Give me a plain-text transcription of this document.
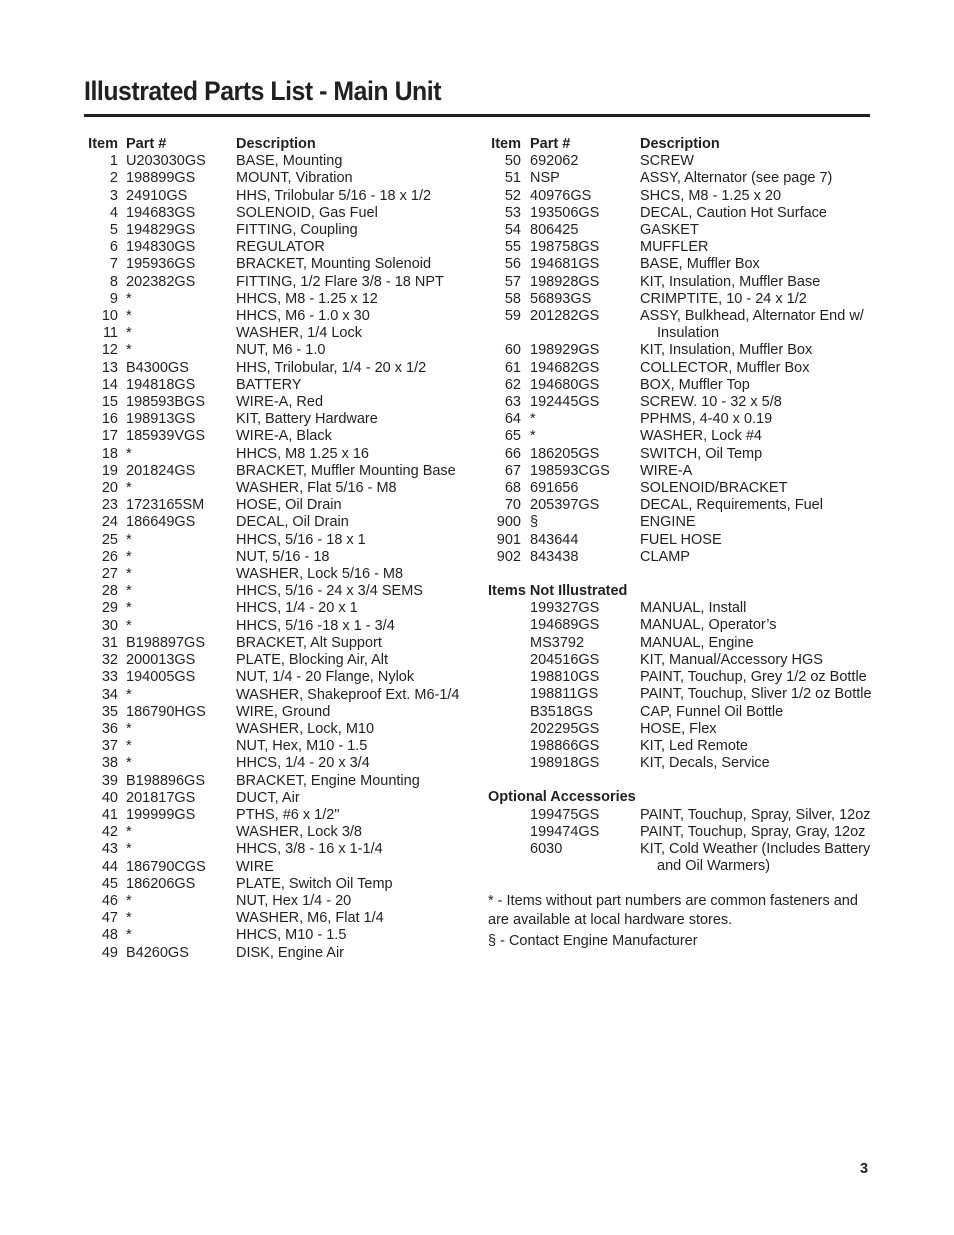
Illustrated Parts List - Main Unit
Item Part #	Description
1 U203030GS	BASE, Mounting
2 198899GS	MOUNT, Vibration
3 24910GS	HHS, Trilobular 5/16 - 18 x 1/2
4 194683GS	SOLENOID, Gas Fuel
5 194829GS	FITTING, Coupling
6 194830GS	REGULATOR
7 195936GS	BRACKET, Mounting Solenoid
8 202382GS	FITTING, 1/2 Flare 3/8 - 18 NPT
9 *	HHCS, M8 - 1.25 x 12
10 *	HHCS, M6 - 1.0 x 30
11 *	WASHER, 1/4 Lock
12 *	NUT, M6 - 1.0
13 B4300GS	HHS, Trilobular, 1/4 - 20 x 1/2
14 194818GS	BATTERY
15 198593BGS	WIRE-A, Red
16 198913GS	KIT, Battery Hardware
17 185939VGS	WIRE-A, Black
18 *	HHCS, M8 1.25 x 16
19 201824GS	BRACKET, Muffler Mounting Base
20 *	WASHER, Flat 5/16 - M8
23 1723165SM	HOSE, Oil Drain
24 186649GS	DECAL, Oil Drain
25 *	HHCS, 5/16 - 18 x 1
26 *	NUT, 5/16 - 18
27 *	WASHER, Lock 5/16 - M8
28 *	HHCS, 5/16 - 24 x 3/4 SEMS
29 *	HHCS, 1/4 - 20 x 1
30 *	HHCS, 5/16 -18 x 1 - 3/4
31 B198897GS	BRACKET, Alt Support
32 200013GS	PLATE, Blocking Air, Alt
33 194005GS	NUT, 1/4 - 20 Flange, Nylok
34 *	WASHER, Shakeproof Ext. M6-1/4
35 186790HGS	WIRE, Ground
36 *	WASHER, Lock, M10
37 *	NUT, Hex, M10 - 1.5
38 *	HHCS, 1/4 - 20 x 3/4
39 B198896GS	BRACKET, Engine Mounting
40 201817GS	DUCT, Air
41 199999GS	PTHS, #6 x 1/2"
42 *	WASHER, Lock 3/8
43 *	HHCS, 3/8 - 16 x 1-1/4
44 186790CGS	WIRE
45 186206GS	PLATE, Switch Oil Temp
46 *	NUT, Hex 1/4 - 20
47 *	WASHER, M6, Flat 1/4
48 *	HHCS, M10 - 1.5
49 B4260GS	DISK, Engine Air
Item Part #	Description
50 692062	SCREW
51 NSP	ASSY, Alternator (see page 7)
52 40976GS	SHCS, M8 - 1.25 x 20
53 193506GS	DECAL, Caution Hot Surface
54 806425	GASKET
55 198758GS	MUFFLER
56 194681GS	BASE, Muffler Box
57 198928GS	KIT, Insulation, Muffler Base
58 56893GS	CRIMPTITE, 10 - 24 x 1/2
59 201282GS	ASSY, Bulkhead, Alternator End w/
Insulation
60 198929GS	KIT, Insulation, Muffler Box
61 194682GS	COLLECTOR, Muffler Box
62 194680GS	BOX, Muffler Top
63 192445GS	SCREW. 10 - 32 x 5/8
64 *	PPHMS, 4-40 x 0.19
65 *	WASHER, Lock #4
66 186205GS	SWITCH, Oil Temp
67 198593CGS	WIRE-A
68 691656	SOLENOID/BRACKET
70 205397GS	DECAL, Requirements, Fuel
900 §	ENGINE
901 843644	FUEL HOSE
902 843438	CLAMP
Items Not Illustrated
199327GS	MANUAL, Install
194689GS	MANUAL, Operator’s
MS3792	MANUAL, Engine
204516GS	KIT, Manual/Accessory HGS
198810GS	PAINT, Touchup, Grey 1/2 oz Bottle
198811GS	PAINT, Touchup, Sliver 1/2 oz Bottle
B3518GS	CAP, Funnel Oil Bottle
202295GS	HOSE, Flex
198866GS	KIT, Led Remote
198918GS	KIT, Decals, Service
Optional Accessories
199475GS	PAINT, Touchup, Spray, Silver, 12oz
199474GS	PAINT, Touchup, Spray, Gray, 12oz
6030	KIT, Cold Weather (Includes Battery
and Oil Warmers)
* - Items without part numbers are common fasteners and are available at local hardware stores.
§ - Contact Engine Manufacturer
3
